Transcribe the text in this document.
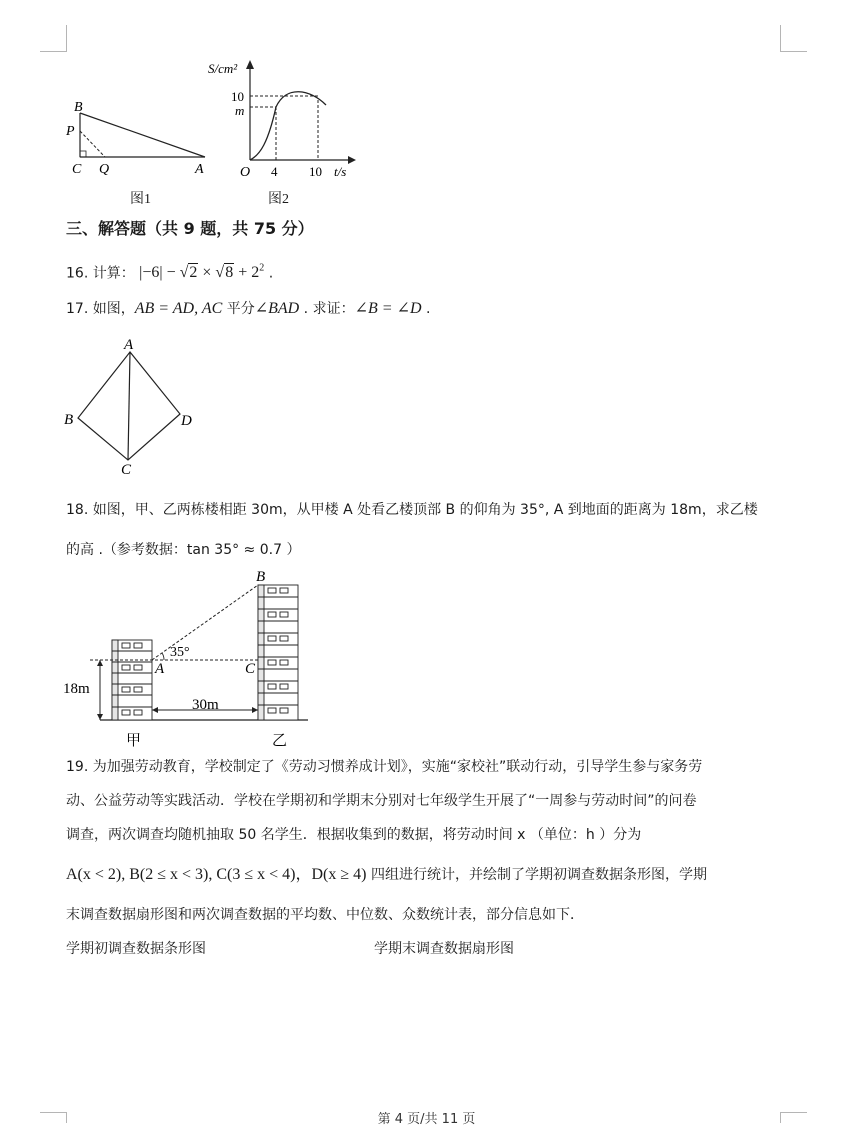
B
P
C Q	A
图1
S/cm²
10
m
O 4 10 t/s
图2
三、解答题（共 9 题，共 75 分）
16. 计算： $|-6| - √2 \times √8 + 2^2$ .
17. 如图，AB = AD, AC 平分∠BAD . 求证：∠B = ∠D .
A
B
C
D
18. 如图，甲、乙两栋楼相距 30m，从甲楼 A 处看乙楼顶部 B 的仰角为 35°, A 到地面的距离为 18m，求乙楼
的高 .（参考数据：tan 35° ≈ 0.7 ）
B
A	C
35°
18m
30m
甲	乙
19. 为加强劳动教育，学校制定了《劳动习惯养成计划》，实施“家校社”联动行动，引导学生参与家务劳
动、公益劳动等实践活动．学校在学期初和学期末分别对七年级学生开展了“一周参与劳动时间”的问卷
调查，两次调查均随机抽取 50 名学生．根据收集到的数据，将劳动时间 x （单位：h ）分为
A(x < 2), B(2 ≤ x < 3), C(3 ≤ x < 4)，D(x ≥ 4) 四组进行统计，并绘制了学期初调查数据条形图，学期
末调查数据扇形图和两次调查数据的平均数、中位数、众数统计表，部分信息如下．
学期初调查数据条形图	学期末调查数据扇形图
第 4 页/共 11 页
